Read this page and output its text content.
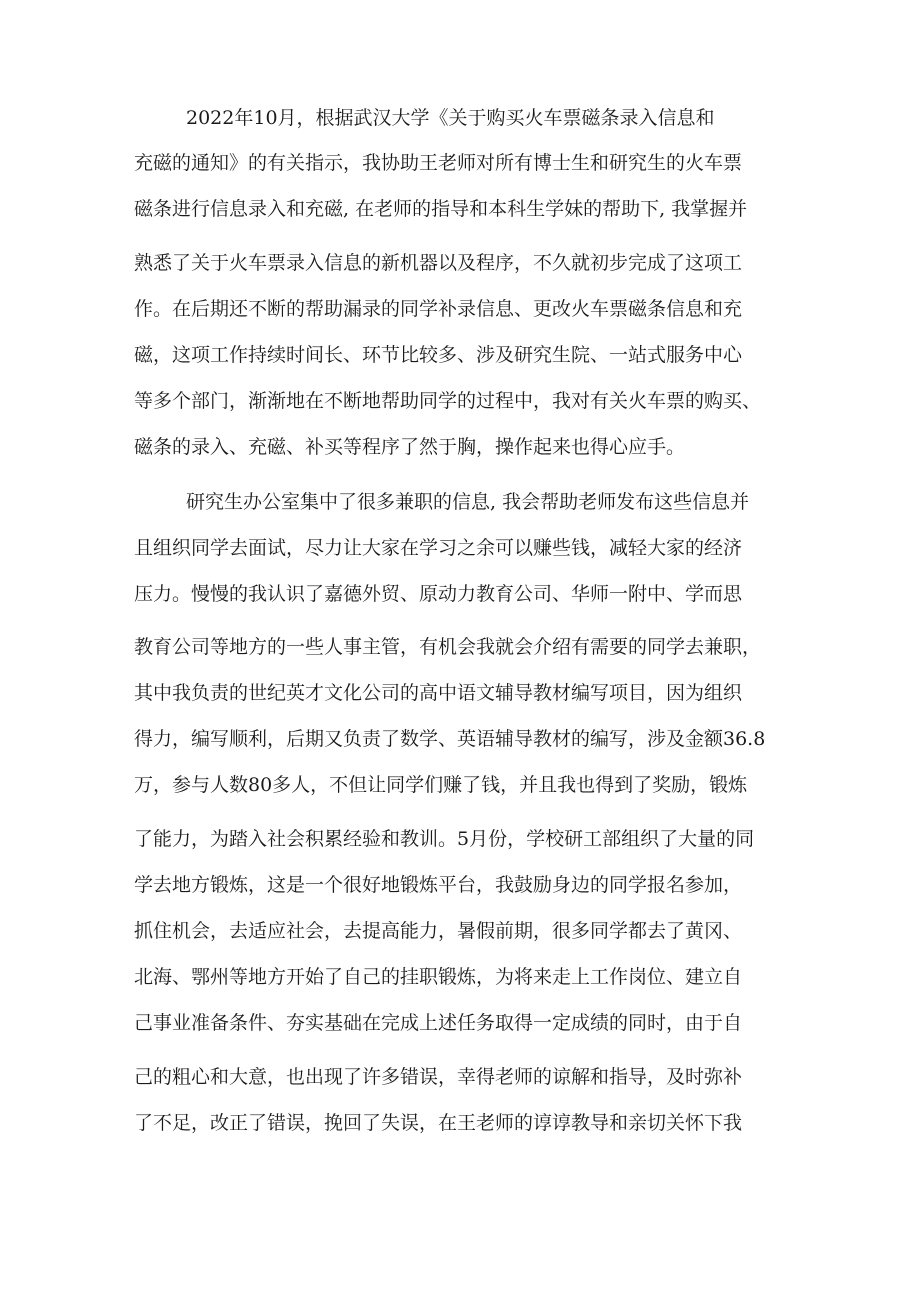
2022年10月，根据武汉大学《关于购买火车票磁条录入信息和

充磁的通知》的有关指示，我协助王老师对所有博士生和研究生的火车票

磁条进行信息录入和充磁, 在老师的指导和本科生学妹的帮助下, 我掌握并

熟悉了关于火车票录入信息的新机器以及程序，不久就初步完成了这项工

作。在后期还不断的帮助漏录的同学补录信息、更改火车票磁条信息和充

磁，这项工作持续时间长、环节比较多、涉及研究生院、一站式服务中心

等多个部门，渐渐地在不断地帮助同学的过程中，我对有关火车票的购买、

磁条的录入、充磁、补买等程序了然于胸，操作起来也得心应手。

研究生办公室集中了很多兼职的信息, 我会帮助老师发布这些信息并

且组织同学去面试，尽力让大家在学习之余可以赚些钱，减轻大家的经济

压力。慢慢的我认识了嘉德外贸、原动力教育公司、华师一附中、学而思

教育公司等地方的一些人事主管，有机会我就会介绍有需要的同学去兼职，

其中我负责的世纪英才文化公司的高中语文辅导教材编写项目，因为组织

得力，编写顺利，后期又负责了数学、英语辅导教材的编写，涉及金额36.8

万，参与人数80多人，不但让同学们赚了钱，并且我也得到了奖励，锻炼

了能力，为踏入社会积累经验和教训。5月份，学校研工部组织了大量的同

学去地方锻炼，这是一个很好地锻炼平台，我鼓励身边的同学报名参加，

抓住机会，去适应社会，去提高能力，暑假前期，很多同学都去了黄冈、

北海、鄂州等地方开始了自己的挂职锻炼，为将来走上工作岗位、建立自

己事业准备条件、夯实基础在完成上述任务取得一定成绩的同时，由于自

己的粗心和大意，也出现了许多错误，幸得老师的谅解和指导，及时弥补

了不足，改正了错误，挽回了失误，在王老师的谆谆教导和亲切关怀下我
